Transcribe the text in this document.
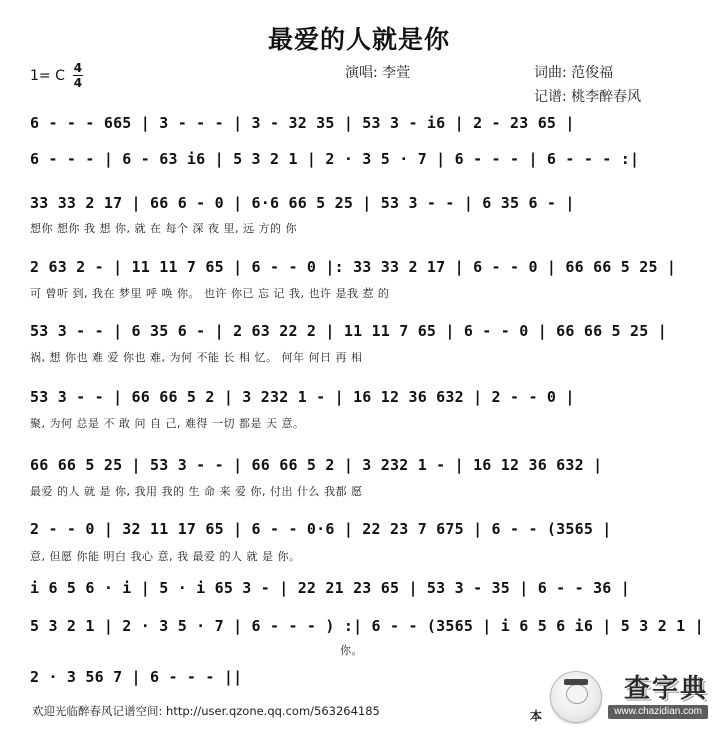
最爱的人就是你
1= C 4
4
演唱: 李萱	词曲: 范俊福
记谱: 桃李醉春风
6 - - - 665 | 3 - - - | 3 - 32 35 | 53 3 - i6 | 2 - 23 65 |
6 - - - | 6 - 63 i6 | 5 3 2 1 | 2 · 3 5 · 7 | 6 - - - | 6 - - - :|
33 33 2 17 | 66 6 - 0 | 6·6 66 5 25 | 53 3 - - | 6 35 6 - |
想你 想你 我 想 你, 就 在 每个 深 夜 里, 远 方的 你
2 63 2 - | 11 11 7 65 | 6 - - 0 |: 33 33 2 17 | 6 - - 0 | 66 66 5 25 |
可 曾听 到, 我在 梦里 呼 唤 你。 也许 你已 忘 记 我, 也许 是我 惹 的
53 3 - - | 6 35 6 - | 2 63 22 2 | 11 11 7 65 | 6 - - 0 | 66 66 5 25 |
祸, 想 你也 难 爱 你也 难, 为何 不能 长 相 忆。 何年 何日 再 相
53 3 - - | 66 66 5 2 | 3 232 1 - | 16 12 36 632 | 2 - - 0 |
聚, 为何 总是 不 敢 问 自 己, 难得 一切 都是 天 意。
66 66 5 25 | 53 3 - - | 66 66 5 2 | 3 232 1 - | 16 12 36 632 |
最爱 的人 就 是 你, 我用 我的 生 命 来 爱 你, 付出 什么 我都 愿
2 - - 0 | 32 11 17 65 | 6 - - 0·6 | 22 23 7 675 | 6 - - (3565 |
意, 但愿 你能 明白 我心 意, 我 最爱 的人 就 是 你。
i 6 5 6 · i | 5 · i 65 3 - | 22 21 23 65 | 53 3 - 35 | 6 - - 36 |
5 3 2 1 | 2 · 3 5 · 7 | 6 - - - ) :| 6 - - (3565 | i 6 5 6 i6 | 5 3 2 1 |
你。
2 · 3 56 7 | 6 - - - ||
欢迎光临醉春风记谱空间: http://user.qzone.qq.com/563264185	本
查字典
www.chazidian.com
